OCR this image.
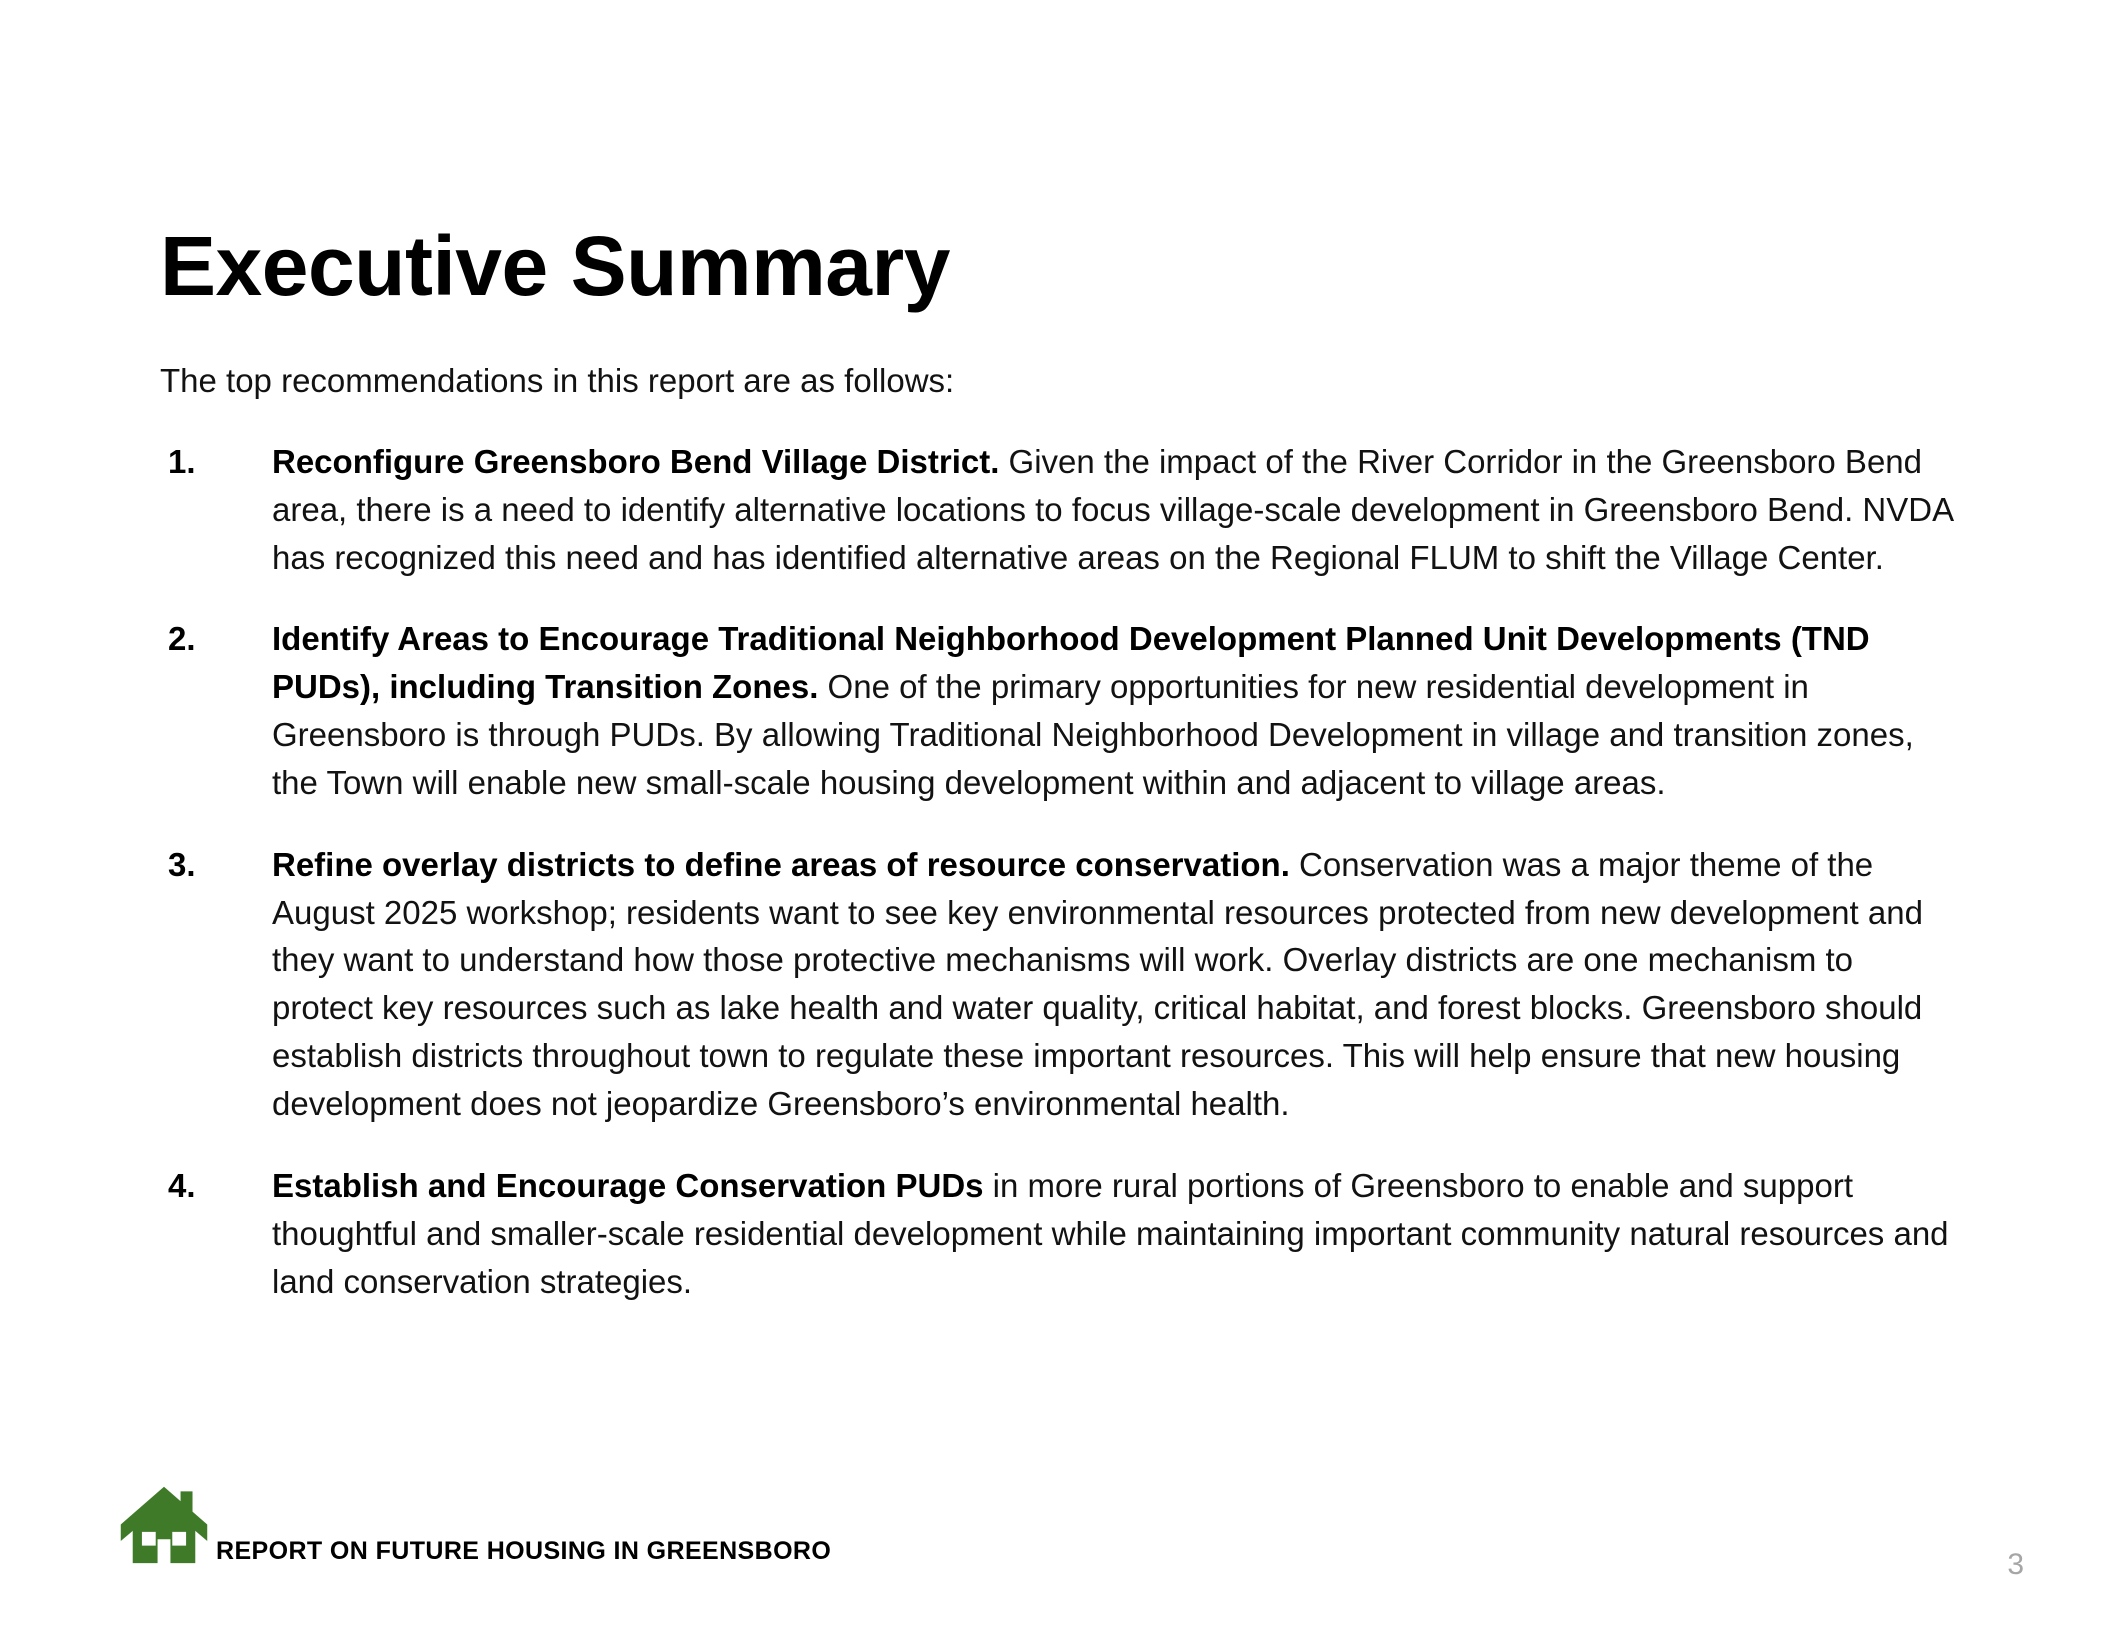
Executive Summary

The top recommendations in this report are as follows:

1.	Reconfigure Greensboro Bend Village District. Given the impact of the River Corridor in the Greensboro Bend area, there is a need to identify alternative locations to focus village-scale development in Greensboro Bend. NVDA has recognized this need and has identified alternative areas on the Regional FLUM to shift the Village Center.
2.	Identify Areas to Encourage Traditional Neighborhood Development Planned Unit Developments (TND PUDs), including Transition Zones. One of the primary opportunities for new residential development in Greensboro is through PUDs. By allowing Traditional Neighborhood Development in village and transition zones, the Town will enable new small-scale housing development within and adjacent to village areas.
3.	Refine overlay districts to define areas of resource conservation. Conservation was a major theme of the August 2025 workshop; residents want to see key environmental resources protected from new development and they want to understand how those protective mechanisms will work. Overlay districts are one mechanism to protect key resources such as lake health and water quality, critical habitat, and forest blocks. Greensboro should establish districts throughout town to regulate these important resources. This will help ensure that new housing development does not jeopardize Greensboro’s environmental health.
4.	Establish and Encourage Conservation PUDs in more rural portions of Greensboro to enable and support thoughtful and smaller-scale residential development while maintaining important community natural resources and land conservation strategies.
REPORT ON FUTURE HOUSING IN GREENSBORO	3
